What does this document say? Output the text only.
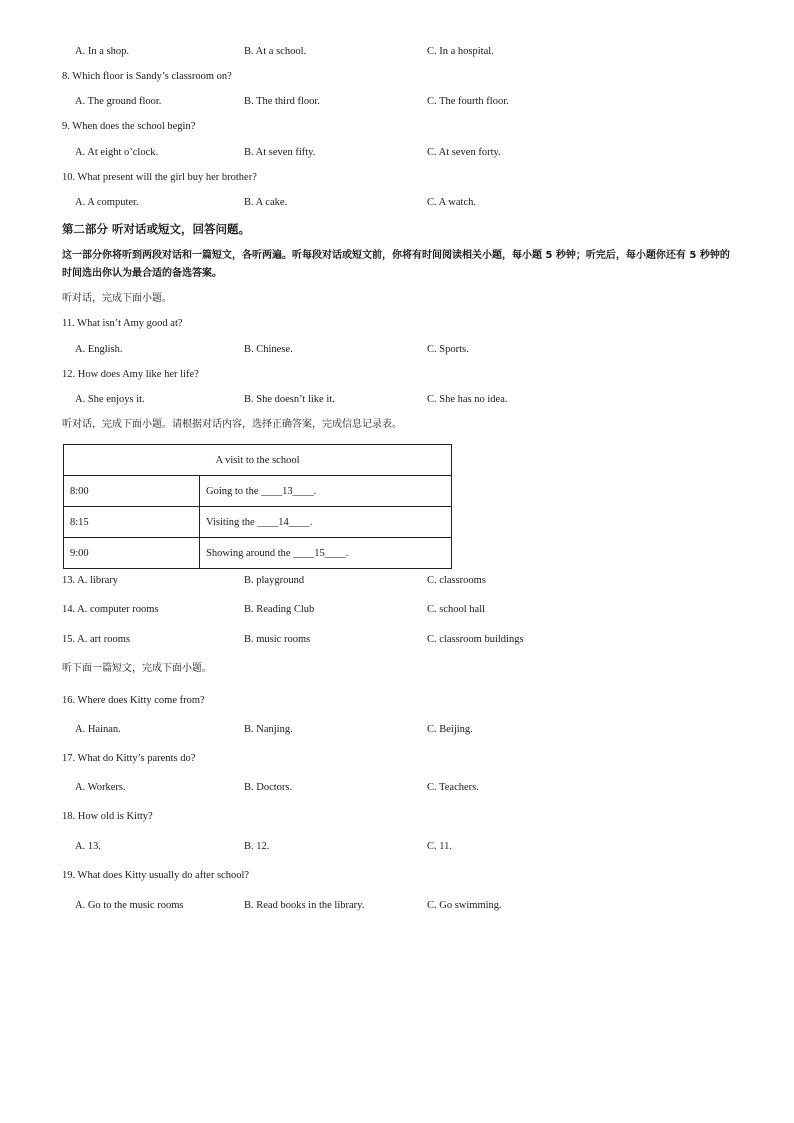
A. In a shop.	B. At a school.	C. In a hospital.
8. Which floor is Sandy’s classroom on?
A. The ground floor.	B. The third floor.	C. The fourth floor.
9. When does the school begin?
A. At eight o’clock.	B. At seven fifty.	C. At seven forty.
10. What present will the girl buy her brother?
A. A computer.	B. A cake.	C. A watch.
第二部分 听对话或短文，回答问题。
这一部分你将听到两段对话和一篇短文，各听两遍。听每段对话或短文前，你将有时间阅读相关小题，每小题 5 秒钟；听完后，每小题你还有 5 秒钟的时间选出你认为最合适的备选答案。
听对话，完成下面小题。
11. What isn’t Amy good at?
A. English.	B. Chinese.	C. Sports.
12. How does Amy like her life?
A. She enjoys it.	B. She doesn’t like it.	C. She has no idea.
听对话，完成下面小题。请根据对话内容，选择正确答案，完成信息记录表。
A visit to the school	
8:00	Going to the ____13____.
8:15	Visiting the ____14____.
9:00	Showing around the ____15____.
13. A. library	B. playground	C. classrooms
14. A. computer rooms	B. Reading Club	C. school hall
15. A. art rooms	B. music rooms	C. classroom buildings
听下面一篇短文，完成下面小题。
16. Where does Kitty come from?
A. Hainan.	B. Nanjing.	C. Beijing.
17. What do Kitty’s parents do?
A. Workers.	B. Doctors.	C. Teachers.
18. How old is Kitty?
A. 13.	B. 12.	C. 11.
19. What does Kitty usually do after school?
A. Go to the music rooms	B. Read books in the library.	C. Go swimming.
